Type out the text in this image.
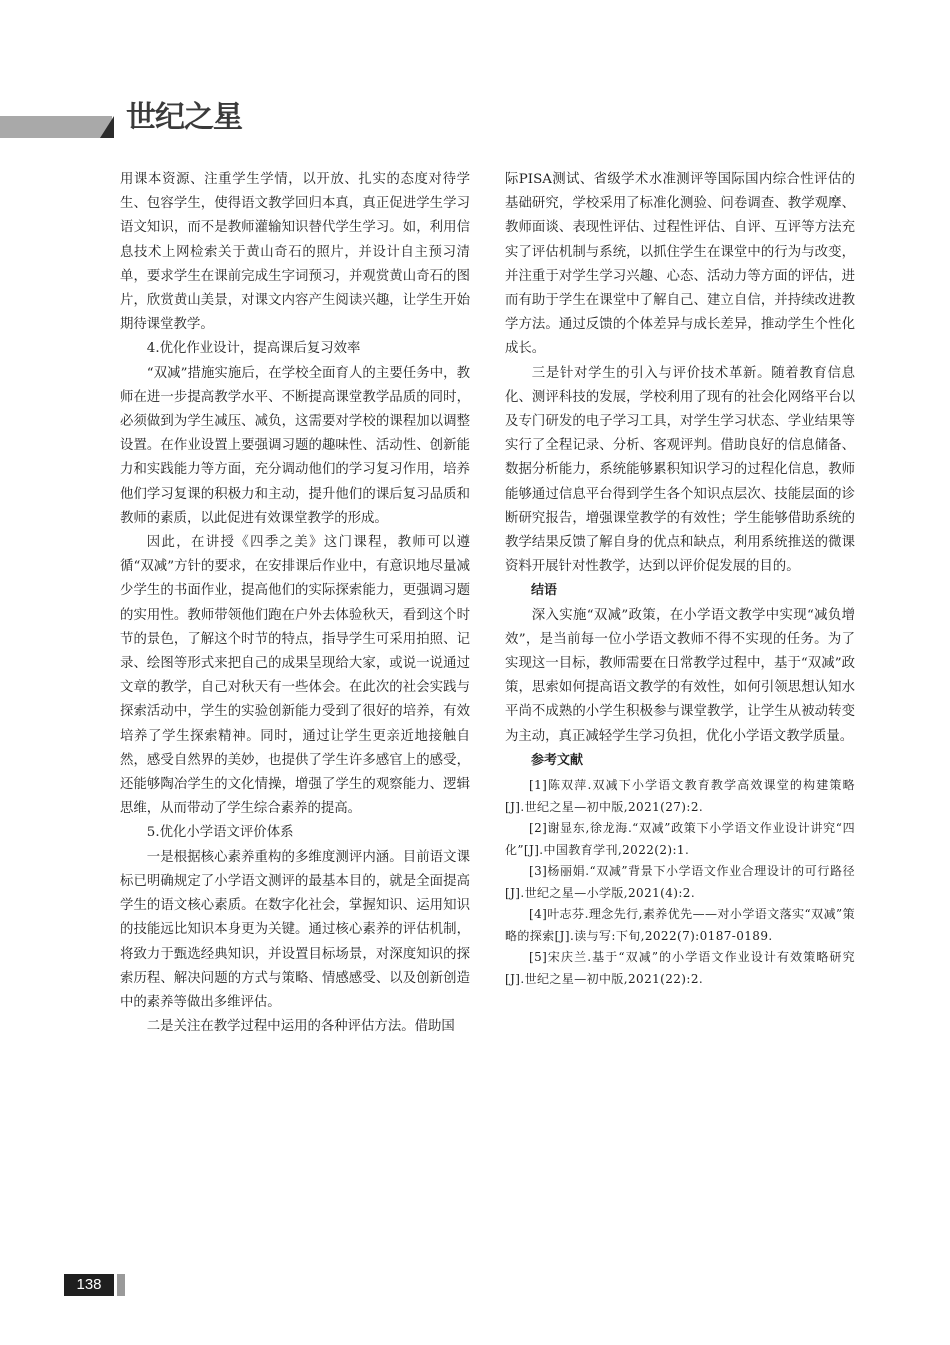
世纪之星

用课本资源、注重学生学情，以开放、扎实的态度对待学生、包容学生，使得语文教学回归本真，真正促进学生学习语文知识，而不是教师灌输知识替代学生学习。如，利用信息技术上网检索关于黄山奇石的照片，并设计自主预习清单，要求学生在课前完成生字词预习，并观赏黄山奇石的图片，欣赏黄山美景，对课文内容产生阅读兴趣，让学生开始期待课堂教学。

4.优化作业设计，提高课后复习效率

“双减”措施实施后，在学校全面育人的主要任务中，教师在进一步提高教学水平、不断提高课堂教学品质的同时，必须做到为学生减压、减负，这需要对学校的课程加以调整设置。在作业设置上要强调习题的趣味性、活动性、创新能力和实践能力等方面，充分调动他们的学习复习作用，培养他们学习复课的积极力和主动，提升他们的课后复习品质和教师的素质，以此促进有效课堂教学的形成。

因此，在讲授《四季之美》这门课程，教师可以遵循“双减”方针的要求，在安排课后作业中，有意识地尽量减少学生的书面作业，提高他们的实际探索能力，更强调习题的实用性。教师带领他们跑在户外去体验秋天，看到这个时节的景色，了解这个时节的特点，指导学生可采用拍照、记录、绘图等形式来把自己的成果呈现给大家，或说一说通过文章的教学，自己对秋天有一些体会。在此次的社会实践与探索活动中，学生的实验创新能力受到了很好的培养，有效培养了学生探索精神。同时，通过让学生更亲近地接触自然，感受自然界的美妙，也提供了学生许多感官上的感受，还能够陶冶学生的文化情操，增强了学生的观察能力、逻辑思维，从而带动了学生综合素养的提高。

5.优化小学语文评价体系

一是根据核心素养重构的多维度测评内涵。目前语文课标已明确规定了小学语文测评的最基本目的，就是全面提高学生的语文核心素质。在数字化社会，掌握知识、运用知识的技能远比知识本身更为关键。通过核心素养的评估机制，将致力于甄选经典知识，并设置目标场景，对深度知识的探索历程、解决问题的方式与策略、情感感受、以及创新创造中的素养等做出多维评估。

二是关注在教学过程中运用的各种评估方法。借助国

际PISA测试、省级学术水准测评等国际国内综合性评估的基础研究，学校采用了标准化测验、问卷调查、教学观摩、教师面谈、表现性评估、过程性评估、自评、互评等方法充实了评估机制与系统，以抓住学生在课堂中的行为与改变，并注重于对学生学习兴趣、心态、活动力等方面的评估，进而有助于学生在课堂中了解自己、建立自信，并持续改进教学方法。通过反馈的个体差异与成长差异，推动学生个性化成长。

三是针对学生的引入与评价技术革新。随着教育信息化、测评科技的发展，学校利用了现有的社会化网络平台以及专门研发的电子学习工具，对学生学习状态、学业结果等实行了全程记录、分析、客观评判。借助良好的信息储备、数据分析能力，系统能够累积知识学习的过程化信息，教师能够通过信息平台得到学生各个知识点层次、技能层面的诊断研究报告，增强课堂教学的有效性；学生能够借助系统的教学结果反馈了解自身的优点和缺点，利用系统推送的微课资料开展针对性教学，达到以评价促发展的目的。

结语

深入实施“双减”政策，在小学语文教学中实现“减负增效”，是当前每一位小学语文教师不得不实现的任务。为了实现这一目标，教师需要在日常教学过程中，基于“双减”政策，思索如何提高语文教学的有效性，如何引领思想认知水平尚不成熟的小学生积极参与课堂教学，让学生从被动转变为主动，真正减轻学生学习负担，优化小学语文教学质量。

参考文献

[1]陈双萍.双减下小学语文教育教学高效课堂的构建策略[J].世纪之星—初中版,2021(27):2.

[2]谢显东,徐龙海.“双减”政策下小学语文作业设计讲究“四化”[J].中国教育学刊,2022(2):1.

[3]杨丽娟.“双减”背景下小学语文作业合理设计的可行路径[J].世纪之星—小学版,2021(4):2.

[4]叶志芬.理念先行,素养优先——对小学语文落实“双减”策略的探索[J].读与写:下旬,2022(7):0187-0189.

[5]宋庆兰.基于“双减”的小学语文作业设计有效策略研究[J].世纪之星—初中版,2021(22):2.

138
